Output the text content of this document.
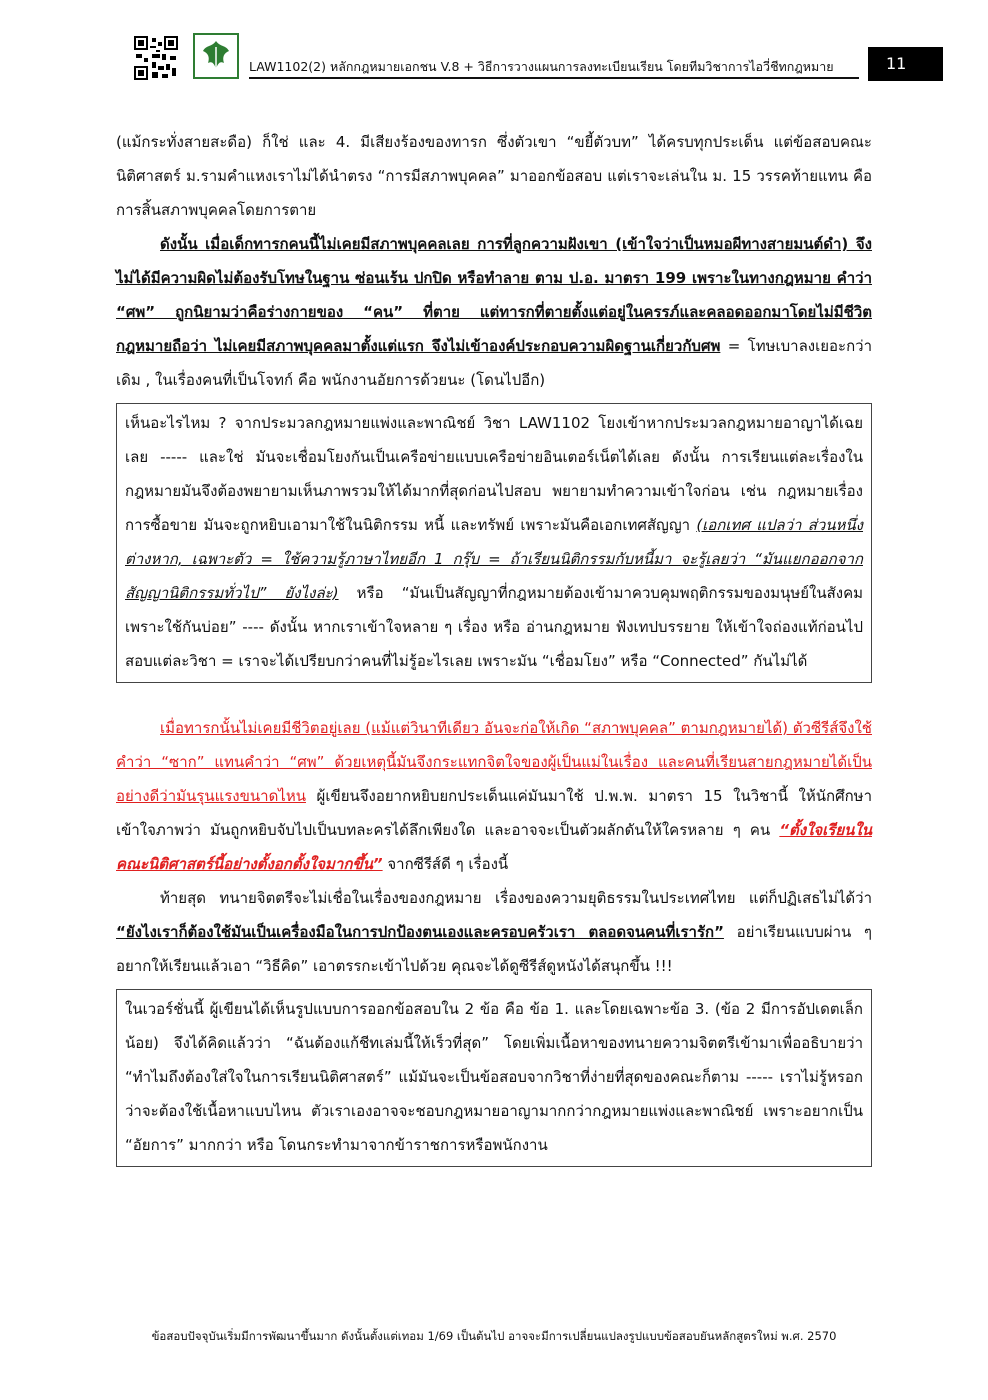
LAW1102(2) หลักกฎหมายเอกชน V.8 + วิธีการวางแผนการลงทะเบียนเรียน โดยทีมวิชาการไอวี่ชีทกฎหมาย	11

(แม้กระทั่งสายสะดือ) ก็ใช่ และ 4. มีเสียงร้องของทารก ซึ่งตัวเขา “ขยี้ตัวบท” ได้ครบทุกประเด็น แต่ข้อสอบคณะนิติศาสตร์ ม.รามคำแหงเราไม่ได้นำตรง “การมีสภาพบุคคล” มาออกข้อสอบ แต่เราจะเล่นใน ม. 15 วรรคท้ายแทน คือ การสิ้นสภาพบุคคลโดยการตาย

ดังนั้น เมื่อเด็กทารกคนนี้ไม่เคยมีสภาพบุคคลเลย การที่ลูกความฝังเขา (เข้าใจว่าเป็นหมอผีทางสายมนต์ดำ) จึงไม่ได้มีความผิดไม่ต้องรับโทษในฐาน ซ่อนเร้น ปกปิด หรือทำลาย ตาม ป.อ. มาตรา 199 เพราะในทางกฎหมาย คำว่า “ศพ” ถูกนิยามว่าคือร่างกายของ “คน” ที่ตาย แต่ทารกที่ตายตั้งแต่อยู่ในครรภ์และคลอดออกมาโดยไม่มีชีวิต กฎหมายถือว่า ไม่เคยมีสภาพบุคคลมาตั้งแต่แรก จึงไม่เข้าองค์ประกอบความผิดฐานเกี่ยวกับศพ = โทษเบาลงเยอะกว่าเดิม , ในเรื่องคนที่เป็นโจทก์ คือ พนักงานอัยการด้วยนะ (โดนไปอีก)

เห็นอะไรไหม ? จากประมวลกฎหมายแพ่งและพาณิชย์ วิชา LAW1102 โยงเข้าหากประมวลกฎหมายอาญาได้เฉยเลย ----- และใช่ มันจะเชื่อมโยงกันเป็นเครือข่ายแบบเครือข่ายอินเตอร์เน็ตได้เลย ดังนั้น การเรียนแต่ละเรื่องในกฎหมายมันจึงต้องพยายามเห็นภาพรวมให้ได้มากที่สุดก่อนไปสอบ พยายามทำความเข้าใจก่อน เช่น กฎหมายเรื่องการซื้อขาย มันจะถูกหยิบเอามาใช้ในนิติกรรม หนี้ และทรัพย์ เพราะมันคือเอกเทศสัญญา (เอกเทศ แปลว่า ส่วนหนึ่งต่างหาก, เฉพาะตัว = ใช้ความรู้ภาษาไทยอีก 1 กรุ๊บ = ถ้าเรียนนิติกรรมกับหนี้มา จะรู้เลยว่า “มันแยกออกจากสัญญานิติกรรมทั่วไป” ยังไงล่ะ) หรือ “มันเป็นสัญญาที่กฎหมายต้องเข้ามาควบคุมพฤติกรรมของมนุษย์ในสังคม เพราะใช้กันบ่อย” ---- ดังนั้น หากเราเข้าใจหลาย ๆ เรื่อง หรือ อ่านกฎหมาย ฟังเทปบรรยาย ให้เข้าใจถ่องแท้ก่อนไปสอบแต่ละวิชา = เราจะได้เปรียบกว่าคนที่ไม่รู้อะไรเลย เพราะมัน “เชื่อมโยง” หรือ “Connected” กันไม่ได้

เมื่อทารกนั้นไม่เคยมีชีวิตอยู่เลย (แม้แต่วินาทีเดียว อันจะก่อให้เกิด “สภาพบุคคล” ตามกฎหมายได้) ตัวซีรีส์จึงใช้คำว่า “ซาก” แทนคำว่า “ศพ” ด้วยเหตุนี้มันจึงกระแทกจิตใจของผู้เป็นแม่ในเรื่อง และคนที่เรียนสายกฎหมายได้เป็นอย่างดีว่ามันรุนแรงขนาดไหน ผู้เขียนจึงอยากหยิบยกประเด็นแค่มันมาใช้ ป.พ.พ. มาตรา 15 ในวิชานี้ ให้นักศึกษาเข้าใจภาพว่า มันถูกหยิบจับไปเป็นบทละครได้ลึกเพียงใด และอาจจะเป็นตัวผลักดันให้ใครหลาย ๆ คน “ตั้งใจเรียนในคณะนิติศาสตร์นี้อย่างตั้งอกตั้งใจมากขึ้น” จากซีรีส์ดี ๆ เรื่องนี้

ท้ายสุด ทนายจิตตรีจะไม่เชื่อในเรื่องของกฎหมาย เรื่องของความยุติธรรมในประเทศไทย แต่ก็ปฏิเสธไม่ได้ว่า “ยังไงเราก็ต้องใช้มันเป็นเครื่องมือในการปกป้องตนเองและครอบครัวเรา ตลอดจนคนที่เรารัก” อย่าเรียนแบบผ่าน ๆ อยากให้เรียนแล้วเอา “วิธีคิด” เอาตรรกะเข้าไปด้วย คุณจะได้ดูซีรีส์ดูหนังได้สนุกขึ้น !!!

ในเวอร์ชั่นนี้ ผู้เขียนได้เห็นรูปแบบการออกข้อสอบใน 2 ข้อ คือ ข้อ 1. และโดยเฉพาะข้อ 3. (ข้อ 2 มีการอัปเดตเล็กน้อย) จึงได้คิดแล้วว่า “ฉันต้องแก้ชีทเล่มนี้ให้เร็วที่สุด” โดยเพิ่มเนื้อหาของทนายความจิตตรีเข้ามาเพื่ออธิบายว่า “ทำไมถึงต้องใส่ใจในการเรียนนิติศาสตร์” แม้มันจะเป็นข้อสอบจากวิชาที่ง่ายที่สุดของคณะก็ตาม ----- เราไม่รู้หรอกว่าจะต้องใช้เนื้อหาแบบไหน ตัวเราเองอาจจะชอบกฎหมายอาญามากกว่ากฎหมายแพ่งและพาณิชย์ เพราะอยากเป็น “อัยการ” มากกว่า หรือ โดนกระทำมาจากข้าราชการหรือพนักงาน

ข้อสอบปัจจุบันเริ่มมีการพัฒนาขึ้นมาก ดังนั้นตั้งแต่เทอม 1/69 เป็นต้นไป อาจจะมีการเปลี่ยนแปลงรูปแบบข้อสอบยันหลักสูตรใหม่ พ.ศ. 2570
